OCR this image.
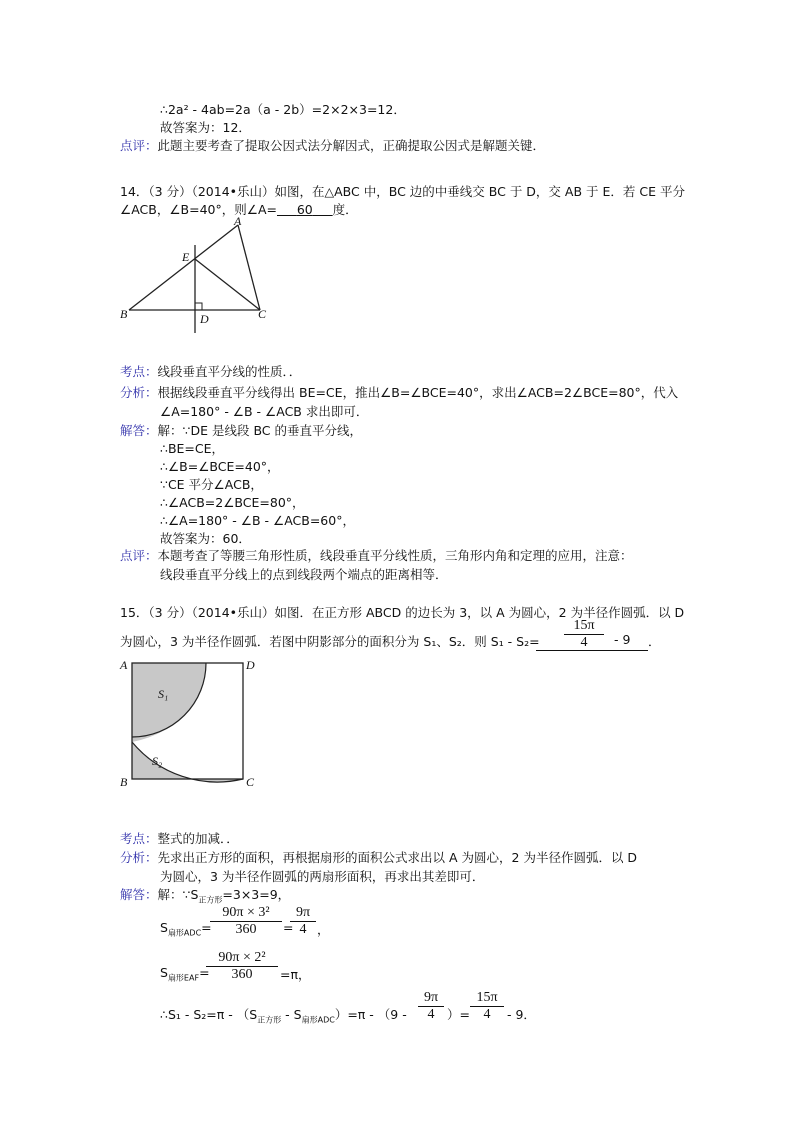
∴2a² - 4ab=2a（a - 2b）=2×2×3=12．
故答案为：12．
点评：此题主要考查了提取公因式法分解因式，正确提取公因式是解题关键．
14．（3 分）（2014•乐山）如图，在△ABC 中，BC 边的中垂线交 BC 于 D，交 AB 于 E．若 CE 平分
∠ACB，∠B=40°，则∠A= 60 度．
A
E
B	D	C
考点：线段垂直平分线的性质．．
分析：根据线段垂直平分线得出 BE=CE，推出∠B=∠BCE=40°，求出∠ACB=2∠BCE=80°，代入
∠A=180° - ∠B - ∠ACB 求出即可．
解答：解：∵DE 是线段 BC 的垂直平分线，
∴BE=CE，
∴∠B=∠BCE=40°，
∵CE 平分∠ACB，
∴∠ACB=2∠BCE=80°，
∴∠A=180° - ∠B - ∠ACB=60°，
故答案为：60．
点评：本题考查了等腰三角形性质，线段垂直平分线性质，三角形内角和定理的应用，注意：
线段垂直平分线上的点到线段两个端点的距离相等．
15．（3 分）（2014•乐山）如图．在正方形 ABCD 的边长为 3，以 A 为圆心，2 为半径作圆弧．以 D
为圆心，3 为半径作圆弧．若图中阴影部分的面积分为 S₁、S₂．则 $S_1 - S_2= \frac{15\pi}{4} - 9$ ．
A	D
B	C
S₁
S₂
考点：整式的加减．．
分析：先求出正方形的面积，再根据扇形的面积公式求出以 A 为圆心，2 为半径作圆弧．以 D
为圆心，3 为半径作圆弧的两扇形面积，再求出其差即可．
解答：解：$\because S_{正方形}=3\times 3=9$，
$S_{扇形ADC}=$
$\frac{\text{90π × 3²}}{360}$ =
$\frac{9\pi}{4}$ ，
$S_{扇形EAF}=$
$\frac{\text{90π × 2²}}{360} =\pi$，
∴S₁ - $S_2=\pi - (S_{正方形} - S_{扇形ADC})=\pi - (9 - \frac{9\pi}{4}$ ）= $\frac{15\pi}{4} - 9$．
